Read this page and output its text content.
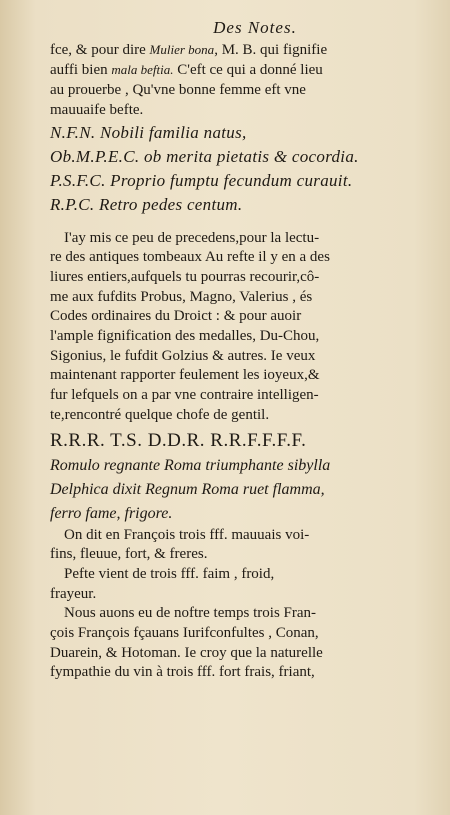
Des Notes.

fce, & pour dire Mulier bona, M. B. qui fignifie

auffi bien mala beftia. C'eft ce qui a donné lieu

au prouerbe , Qu'vne bonne femme eft vne

mauuaife befte.

N.F.N. Nobili familia natus,

Ob.M.P.E.C. ob merita pietatis & cocordia.

P.S.F.C. Proprio fumptu fecundum curauit.

R.P.C. Retro pedes centum.

I'ay mis ce peu de precedens,pour la lectu-

re des antiques tombeaux Au refte il y en a des

liures entiers,aufquels tu pourras recourir,cô-

me aux fufdits Probus, Magno, Valerius , és

Codes ordinaires du Droict : & pour auoir

l'ample fignification des medalles, Du-Chou,

Sigonius, le fufdit Golzius & autres. Ie veux

maintenant rapporter feulement les ioyeux,&

fur lefquels on a par vne contraire intelligen-

te,rencontré quelque chofe de gentil.

R.R.R. T.S. D.D.R. R.R.F.F.F.F.

Romulo regnante Roma triumphante sibylla

Delphica dixit Regnum Roma ruet flamma,

ferro fame, frigore.

On dit en François trois fff. mauuais voi-

fins, fleuue, fort, & freres.

Pefte vient de trois fff. faim , froid,

frayeur.

Nous auons eu de noftre temps trois Fran-

çois François fçauans Iurifconfultes , Conan,

Duarein, & Hotoman. Ie croy que la naturelle

fympathie du vin à trois fff. fort frais, friant,
